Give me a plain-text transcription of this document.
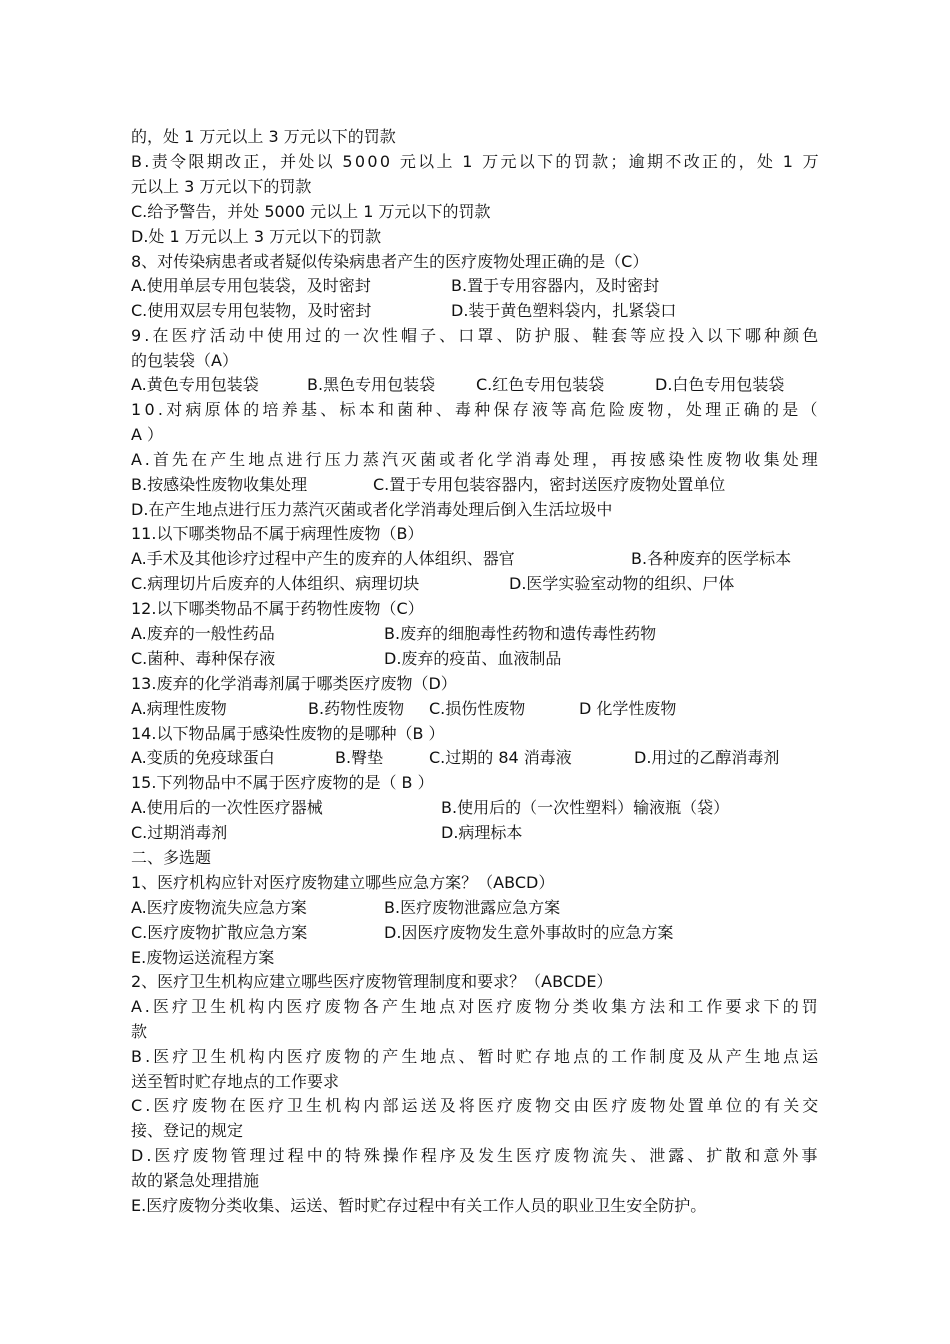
的，处 1 万元以上 3 万元以下的罚款
B.责令限期改正，并处以 5000 元以上 1 万元以下的罚款；逾期不改正的，处 1 万
元以上 3 万元以下的罚款
C.给予警告，并处 5000 元以上 1 万元以下的罚款
D.处 1 万元以上 3 万元以下的罚款
8、对传染病患者或者疑似传染病患者产生的医疗废物处理正确的是（C）
A.使用单层专用包装袋，及时密封	B.置于专用容器内，及时密封
C.使用双层专用包装物，及时密封	D.装于黄色塑料袋内，扎紧袋口
9.在医疗活动中使用过的一次性帽子、口罩、防护服、鞋套等应投入以下哪种颜色
的包装袋（A）
A.黄色专用包装袋	B.黑色专用包装袋	C.红色专用包装袋	D.白色专用包装袋
10.对病原体的培养基、标本和菌种、毒种保存液等高危险废物，处理正确的是（
A ）
A.首先在产生地点进行压力蒸汽灭菌或者化学消毒处理，再按感染性废物收集处理
B.按感染性废物收集处理	C.置于专用包装容器内，密封送医疗废物处置单位
D.在产生地点进行压力蒸汽灭菌或者化学消毒处理后倒入生活垃圾中
11.以下哪类物品不属于病理性废物（B）
A.手术及其他诊疗过程中产生的废弃的人体组织、器官	B.各种废弃的医学标本
C.病理切片后废弃的人体组织、病理切块	D.医学实验室动物的组织、尸体
12.以下哪类物品不属于药物性废物（C）
A.废弃的一般性药品	B.废弃的细胞毒性药物和遗传毒性药物
C.菌种、毒种保存液	D.废弃的疫苗、血液制品
13.废弃的化学消毒剂属于哪类医疗废物（D）
A.病理性废物	B.药物性废物 C.损伤性废物	D 化学性废物
14.以下物品属于感染性废物的是哪种（B ）
A.变质的免疫球蛋白	B.臀垫	C.过期的 84 消毒液	D.用过的乙醇消毒剂
15.下列物品中不属于医疗废物的是（ B ）
A.使用后的一次性医疗器械	B.使用后的（一次性塑料）输液瓶（袋）
C.过期消毒剂	D.病理标本
二、多选题
1、医疗机构应针对医疗废物建立哪些应急方案？（ABCD）
A.医疗废物流失应急方案	B.医疗废物泄露应急方案
C.医疗废物扩散应急方案	D.因医疗废物发生意外事故时的应急方案
E.废物运送流程方案
2、医疗卫生机构应建立哪些医疗废物管理制度和要求？（ABCDE）
A.医疗卫生机构内医疗废物各产生地点对医疗废物分类收集方法和工作要求下的罚
款
B.医疗卫生机构内医疗废物的产生地点、暂时贮存地点的工作制度及从产生地点运
送至暂时贮存地点的工作要求
C.医疗废物在医疗卫生机构内部运送及将医疗废物交由医疗废物处置单位的有关交
接、登记的规定
D.医疗废物管理过程中的特殊操作程序及发生医疗废物流失、泄露、扩散和意外事
故的紧急处理措施
E.医疗废物分类收集、运送、暂时贮存过程中有关工作人员的职业卫生安全防护。
